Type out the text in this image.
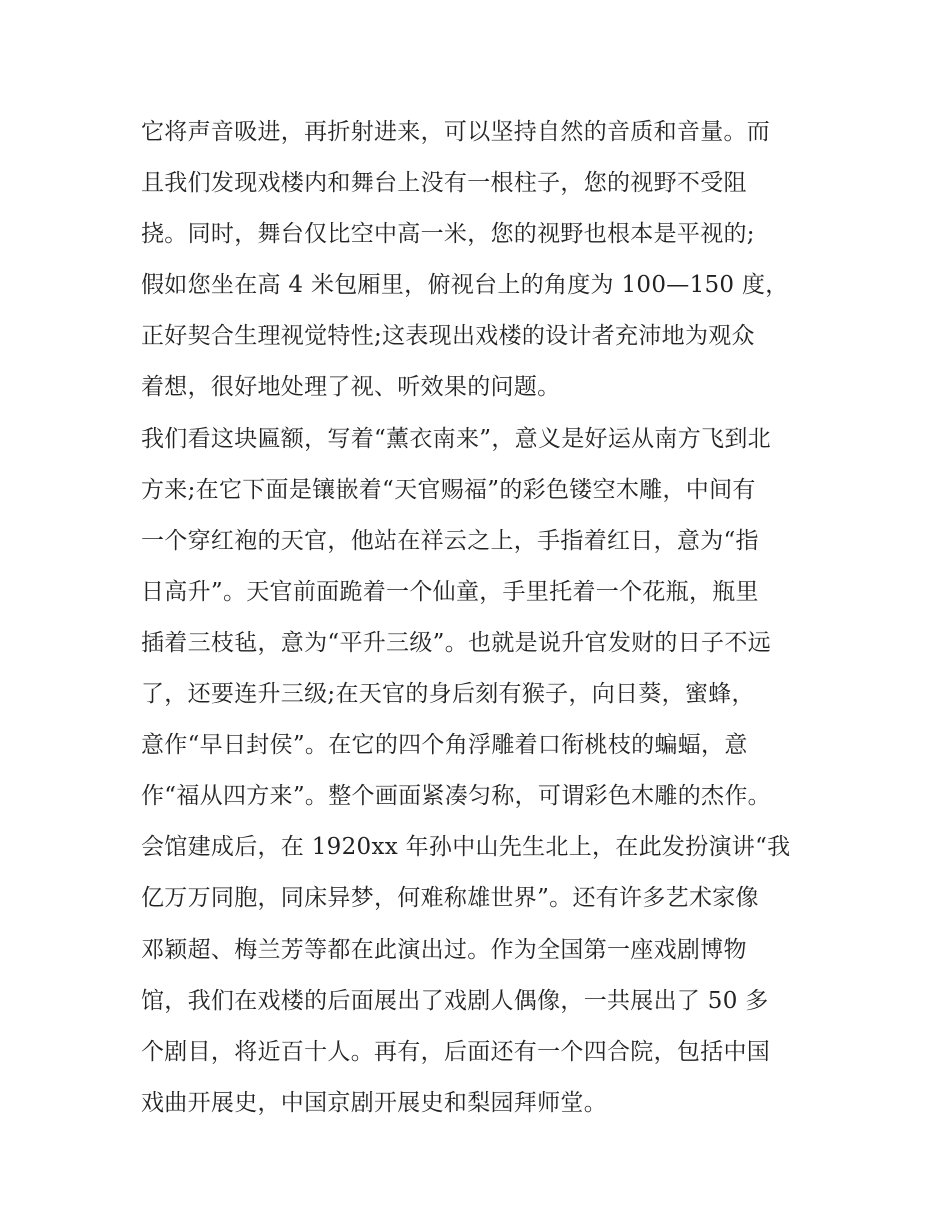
它将声音吸进，再折射进来，可以坚持自然的音质和音量。而
且我们发现戏楼内和舞台上没有一根柱子，您的视野不受阻
挠。同时，舞台仅比空中高一米，您的视野也根本是平视的;
假如您坐在高 4 米包厢里，俯视台上的角度为 100—150 度，
正好契合生理视觉特性;这表现出戏楼的设计者充沛地为观众
着想，很好地处理了视、听效果的问题。
我们看这块匾额，写着“薰衣南来”，意义是好运从南方飞到北
方来;在它下面是镶嵌着“天官赐福”的彩色镂空木雕，中间有
一个穿红袍的天官，他站在祥云之上，手指着红日，意为“指
日高升”。天官前面跪着一个仙童，手里托着一个花瓶，瓶里
插着三枝毡，意为“平升三级”。也就是说升官发财的日子不远
了，还要连升三级;在天官的身后刻有猴子，向日葵，蜜蜂，
意作“早日封侯”。在它的四个角浮雕着口衔桃枝的蝙蝠，意
作“福从四方来”。整个画面紧凑匀称，可谓彩色木雕的杰作。
会馆建成后，在 1920xx 年孙中山先生北上，在此发扮演讲“我
亿万万同胞，同床异梦，何难称雄世界”。还有许多艺术家像
邓颖超、梅兰芳等都在此演出过。作为全国第一座戏剧博物
馆，我们在戏楼的后面展出了戏剧人偶像，一共展出了 50 多
个剧目，将近百十人。再有，后面还有一个四合院，包括中国
戏曲开展史，中国京剧开展史和梨园拜师堂。
